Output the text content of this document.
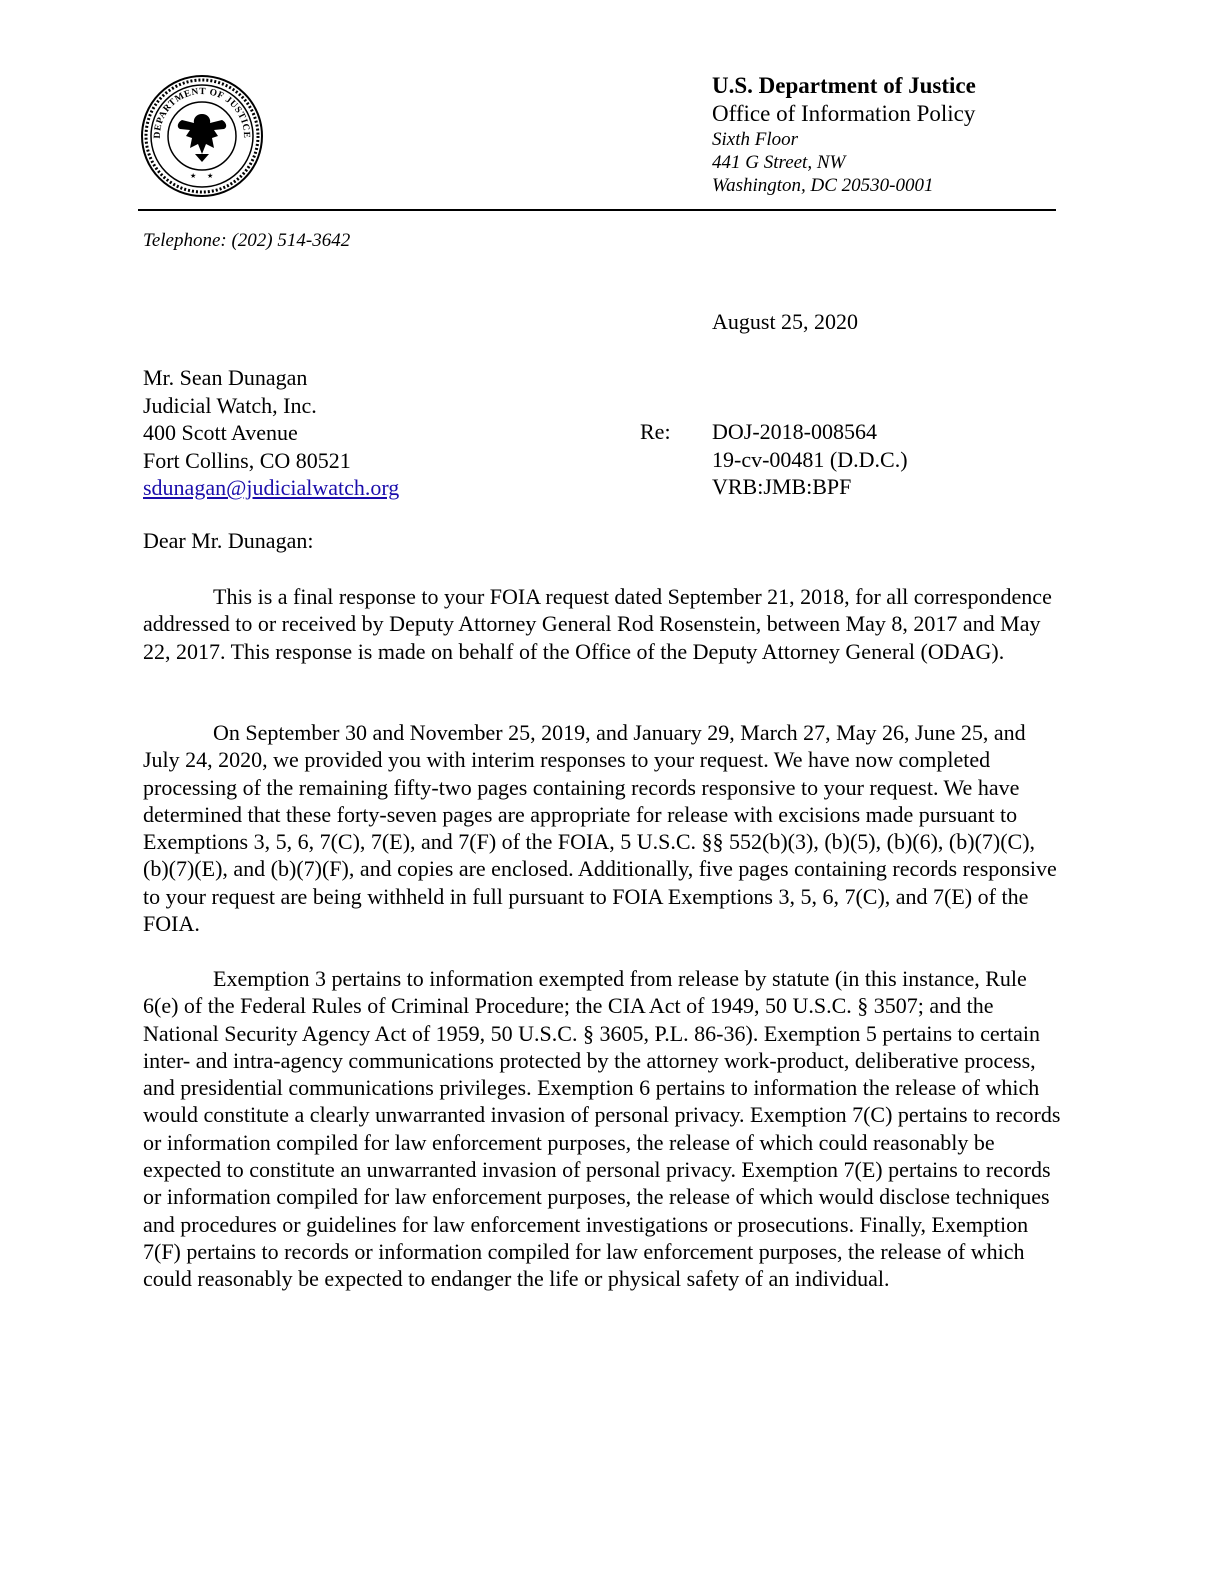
DEPARTMENT OF JUSTICE
★ ★
U.S. Department of Justice
Office of Information Policy
Sixth Floor
441 G Street, NW
Washington, DC 20530-0001
Telephone: (202) 514-3642
August 25, 2020
Mr. Sean Dunagan
Judicial Watch, Inc.
400 Scott Avenue
Fort Collins, CO 80521
sdunagan@judicialwatch.org
Re: DOJ-2018-008564
19-cv-00481 (D.D.C.)
VRB:JMB:BPF
Dear Mr. Dunagan:

This is a final response to your FOIA request dated September 21, 2018, for all correspondence addressed to or received by Deputy Attorney General Rod Rosenstein, between May 8, 2017 and May 22, 2017. This response is made on behalf of the Office of the Deputy Attorney General (ODAG).

On September 30 and November 25, 2019, and January 29, March 27, May 26, June 25, and July 24, 2020, we provided you with interim responses to your request. We have now completed processing of the remaining fifty-two pages containing records responsive to your request. We have determined that these forty-seven pages are appropriate for release with excisions made pursuant to Exemptions 3, 5, 6, 7(C), 7(E), and 7(F) of the FOIA, 5 U.S.C. §§ 552(b)(3), (b)(5), (b)(6), (b)(7)(C), (b)(7)(E), and (b)(7)(F), and copies are enclosed. Additionally, five pages containing records responsive to your request are being withheld in full pursuant to FOIA Exemptions 3, 5, 6, 7(C), and 7(E) of the FOIA.

Exemption 3 pertains to information exempted from release by statute (in this instance, Rule 6(e) of the Federal Rules of Criminal Procedure; the CIA Act of 1949, 50 U.S.C. § 3507; and the National Security Agency Act of 1959, 50 U.S.C. § 3605, P.L. 86-36). Exemption 5 pertains to certain inter- and intra-agency communications protected by the attorney work-product, deliberative process, and presidential communications privileges. Exemption 6 pertains to information the release of which would constitute a clearly unwarranted invasion of personal privacy. Exemption 7(C) pertains to records or information compiled for law enforcement purposes, the release of which could reasonably be expected to constitute an unwarranted invasion of personal privacy. Exemption 7(E) pertains to records or information compiled for law enforcement purposes, the release of which would disclose techniques and procedures or guidelines for law enforcement investigations or prosecutions. Finally, Exemption 7(F) pertains to records or information compiled for law enforcement purposes, the release of which could reasonably be expected to endanger the life or physical safety of an individual.
